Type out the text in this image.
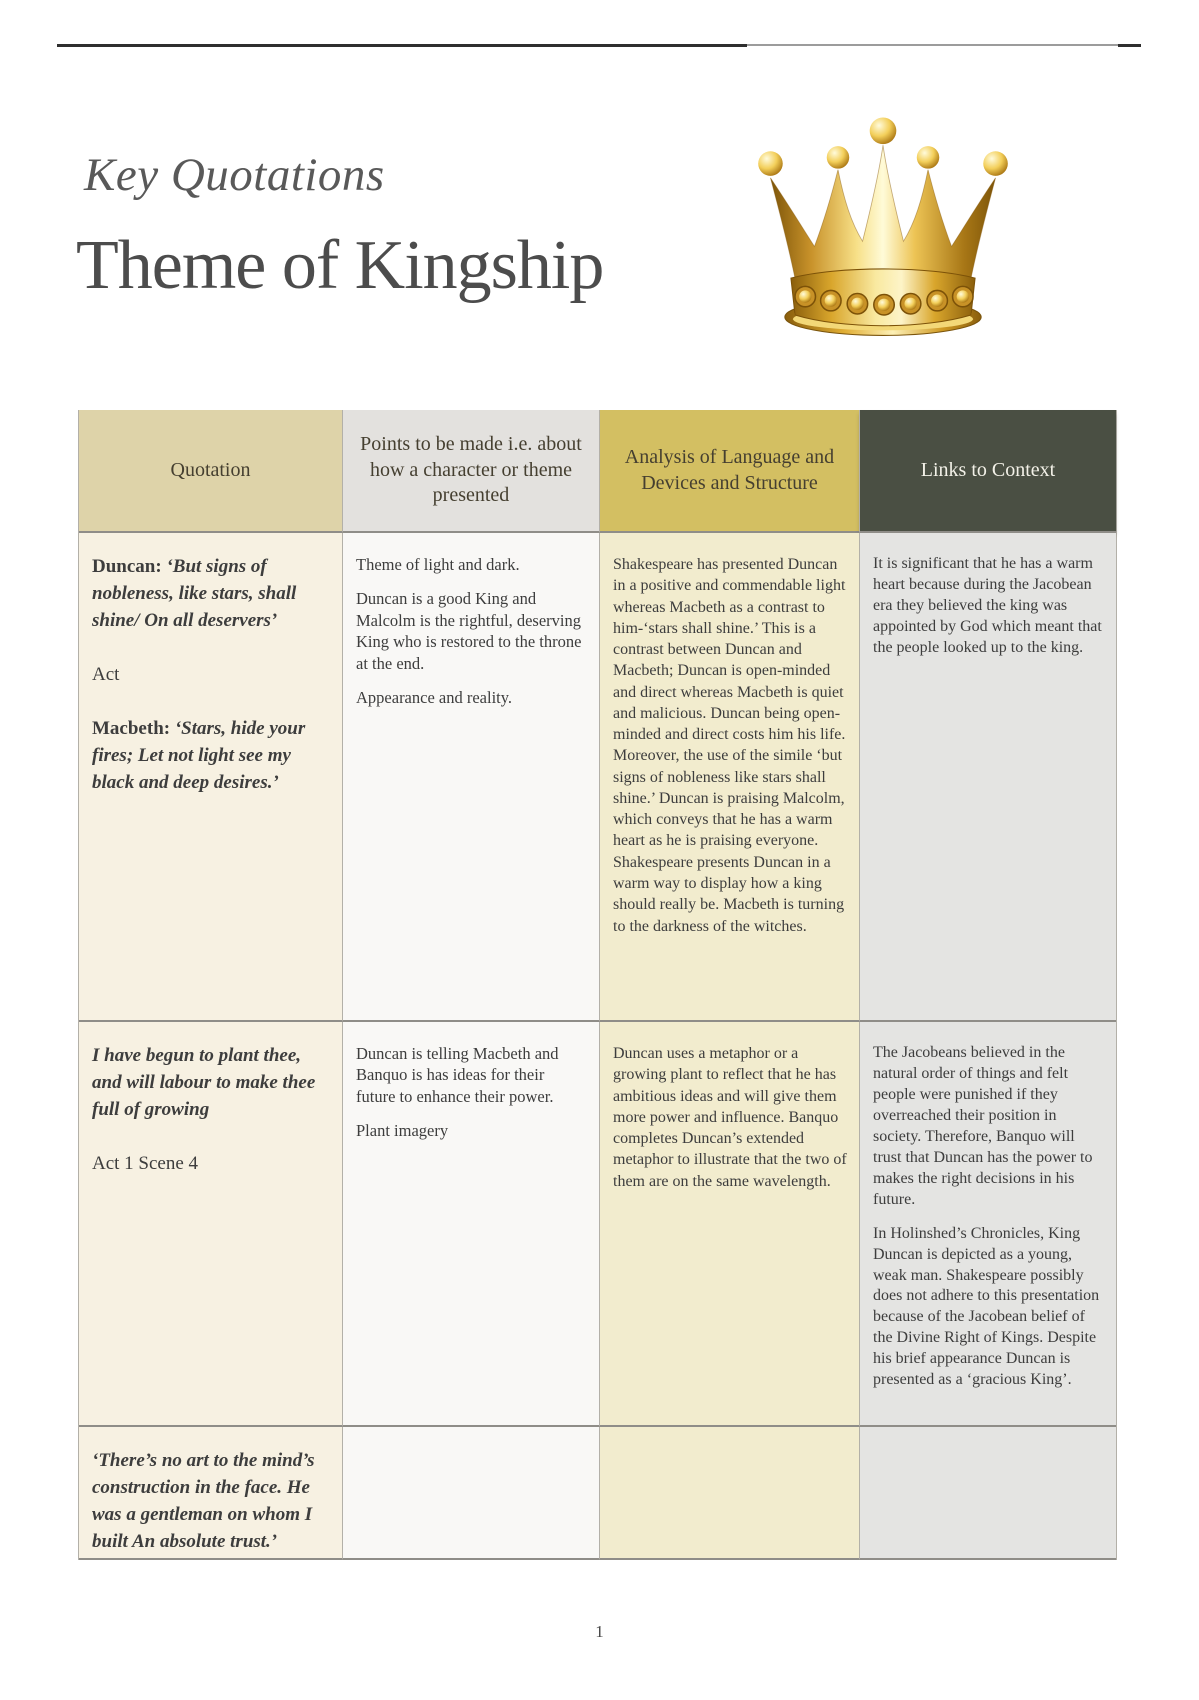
Key Quotations
Theme of Kingship
Quotation
Points to be made i.e. about how a character or theme presented
Analysis of Language and Devices and Structure
Links to Context

Duncan: ‘But signs of nobleness, like stars, shall shine/ On all deservers’

Act

Macbeth: ‘Stars, hide your fires; Let not light see my black and deep desires.’

Theme of light and dark.

Duncan is a good King and Malcolm is the rightful, deserving King who is restored to the throne at the end.

Appearance and reality.

Shakespeare has presented Duncan in a positive and commendable light whereas Macbeth as a contrast to him-‘stars shall shine.’ This is a contrast between Duncan and Macbeth; Duncan is open-minded and direct whereas Macbeth is quiet and malicious. Duncan being open-minded and direct costs him his life. Moreover, the use of the simile ‘but signs of nobleness like stars shall shine.’ Duncan is praising Malcolm, which conveys that he has a warm heart as he is praising everyone. Shakespeare presents Duncan in a warm way to display how a king should really be. Macbeth is turning to the darkness of the witches.

It is significant that he has a warm heart because during the Jacobean era they believed the king was appointed by God which meant that the people looked up to the king.

I have begun to plant thee, and will labour to make thee full of growing

Act 1 Scene 4

Duncan is telling Macbeth and Banquo is has ideas for their future to enhance their power.

Plant imagery

Duncan uses a metaphor or a growing plant to reflect that he has ambitious ideas and will give them more power and influence. Banquo completes Duncan’s extended metaphor to illustrate that the two of them are on the same wavelength.

The Jacobeans believed in the natural order of things and felt people were punished if they overreached their position in society. Therefore, Banquo will trust that Duncan has the power to makes the right decisions in his future.

In Holinshed’s Chronicles, King Duncan is depicted as a young, weak man. Shakespeare possibly does not adhere to this presentation because of the Jacobean belief of the Divine Right of Kings. Despite his brief appearance Duncan is presented as a ‘gracious King’.

‘There’s no art to the mind’s construction in the face. He was a gentleman on whom I built An absolute trust.’

1
